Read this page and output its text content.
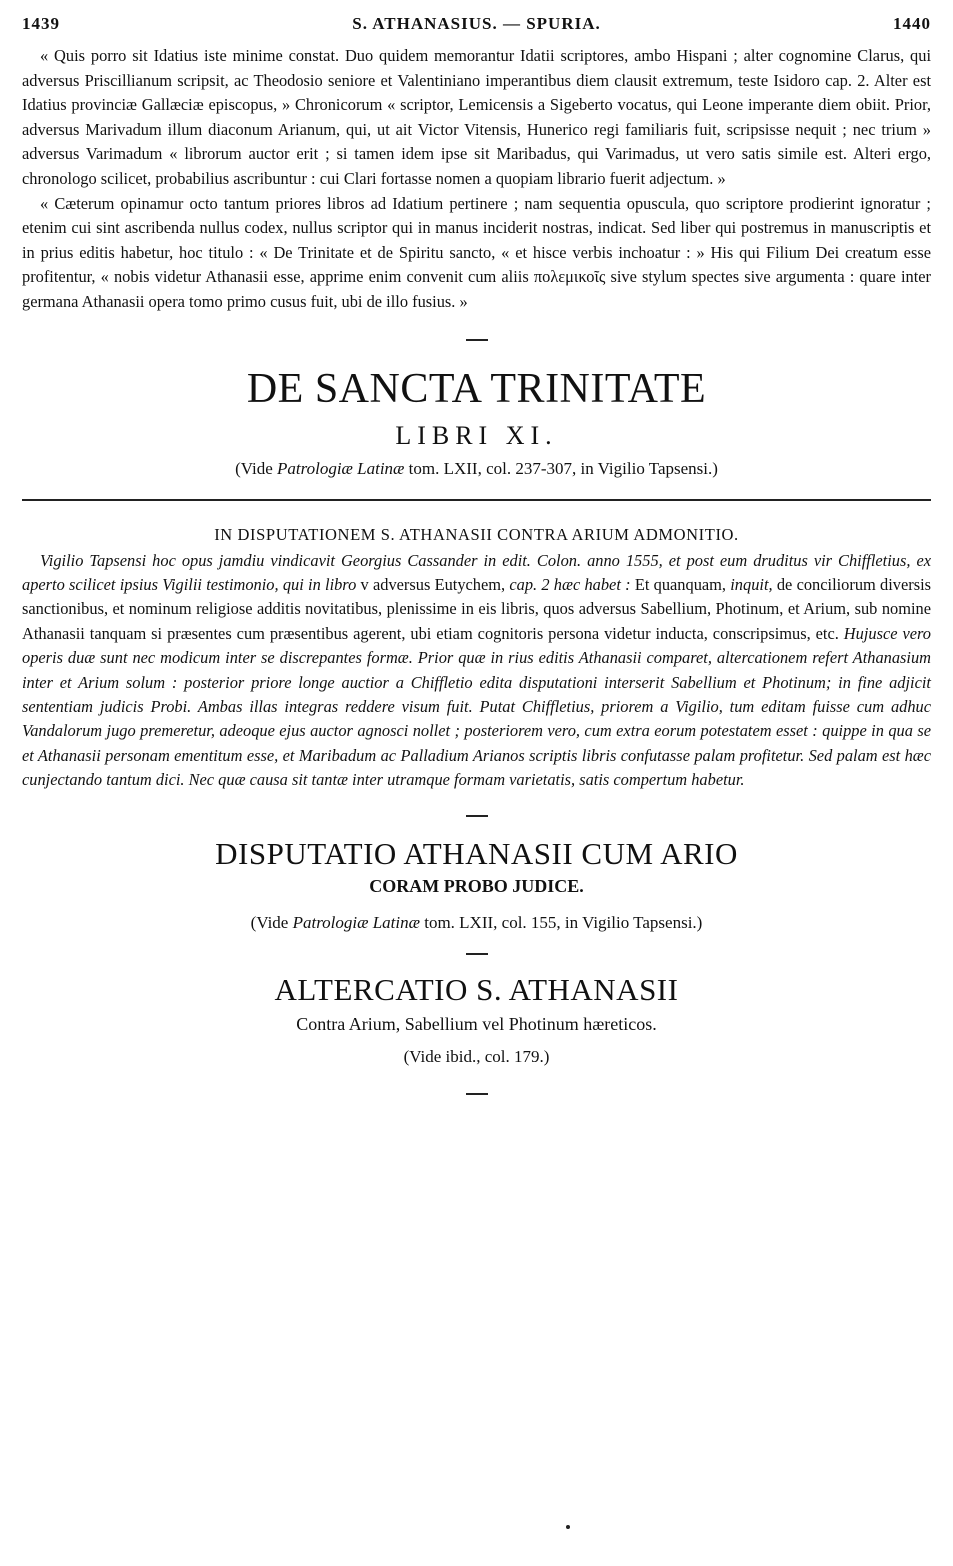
1439	S. ATHANASIUS. — SPURIA.	1440

« Quis porro sit Idatius iste minime constat. Duo quidem memorantur Idatii scriptores, ambo Hispani ; alter cognomine Clarus, qui adversus Priscillianum scripsit, ac Theodosio seniore et Valentiniano imperantibus diem clausit extremum, teste Isidoro cap. 2. Alter est Idatius provinciæ Gallæciæ episcopus, » Chronicorum « scriptor, Lemicensis a Sigeberto vocatus, qui Leone imperante diem obiit. Prior, adversus Marivadum illum diaconum Arianum, qui, ut ait Victor Vitensis, Hunerico regi familiaris fuit, scripsisse nequit ; nec trium » adversus Varimadum « librorum auctor erit ; si tamen idem ipse sit Maribadus, qui Varimadus, ut vero satis simile est. Alteri ergo, chronologo scilicet, probabilius ascribuntur : cui Clari fortasse nomen a quopiam librario fuerit adjectum. »

« Cæterum opinamur octo tantum priores libros ad Idatium pertinere ; nam sequentia opuscula, quo scriptore prodierint ignoratur ; etenim cui sint ascribenda nullus codex, nullus scriptor qui in manus inciderit nostras, indicat. Sed liber qui postremus in manuscriptis et in prius editis habetur, hoc titulo : « De Trinitate et de Spiritu sancto, « et hisce verbis inchoatur : » His qui Filium Dei creatum esse profitentur, « nobis videtur Athanasii esse, apprime enim convenit cum aliis πολεμικοῖς sive stylum spectes sive argumenta : quare inter germana Athanasii opera tomo primo cusus fuit, ubi de illo fusius. »

DE SANCTA TRINITATE
LIBRI XI.

(Vide Patrologiæ Latinæ tom. LXII, col. 237-307, in Vigilio Tapsensi.)

IN DISPUTATIONEM S. ATHANASII CONTRA ARIUM ADMONITIO.

Vigilio Tapsensi hoc opus jamdiu vindicavit Georgius Cassander in edit. Colon. anno 1555, et post eum druditus vir Chiffletius, ex aperto scilicet ipsius Vigilii testimonio, qui in libro v adversus Eutychem, cap. 2 hæc habet : Et quanquam, inquit, de conciliorum diversis sanctionibus, et nominum religiose additis novitatibus, plenissime in eis libris, quos adversus Sabellium, Photinum, et Arium, sub nomine Athanasii tanquam si præsentes cum præsentibus agerent, ubi etiam cognitoris persona videtur inducta, conscripsimus, etc. Hujusce vero operis duæ sunt nec modicum inter se discrepantes formæ. Prior quæ in rius editis Athanasii comparet, altercationem refert Athanasium inter et Arium solum : posterior priore longe auctior a Chiffletio edita disputationi interserit Sabellium et Photinum; in fine adjicit sententiam judicis Probi. Ambas illas integras reddere visum fuit. Putat Chiffletius, priorem a Vigilio, tum editam fuisse cum adhuc Vandalorum jugo premeretur, adeoque ejus auctor agnosci nollet ; posteriorem vero, cum extra eorum potestatem esset : quippe in qua se et Athanasii personam ementitum esse, et Maribadum ac Palladium Arianos scriptis libris confutasse palam profitetur. Sed palam est hæc cunjectando tantum dici. Nec quæ causa sit tantæ inter utramque formam varietatis, satis compertum habetur.

DISPUTATIO ATHANASII CUM ARIO
CORAM PROBO JUDICE.

(Vide Patrologiæ Latinæ tom. LXII, col. 155, in Vigilio Tapsensi.)

ALTERCATIO S. ATHANASII
Contra Arium, Sabellium vel Photinum hæreticos.

(Vide ibid., col. 179.)
